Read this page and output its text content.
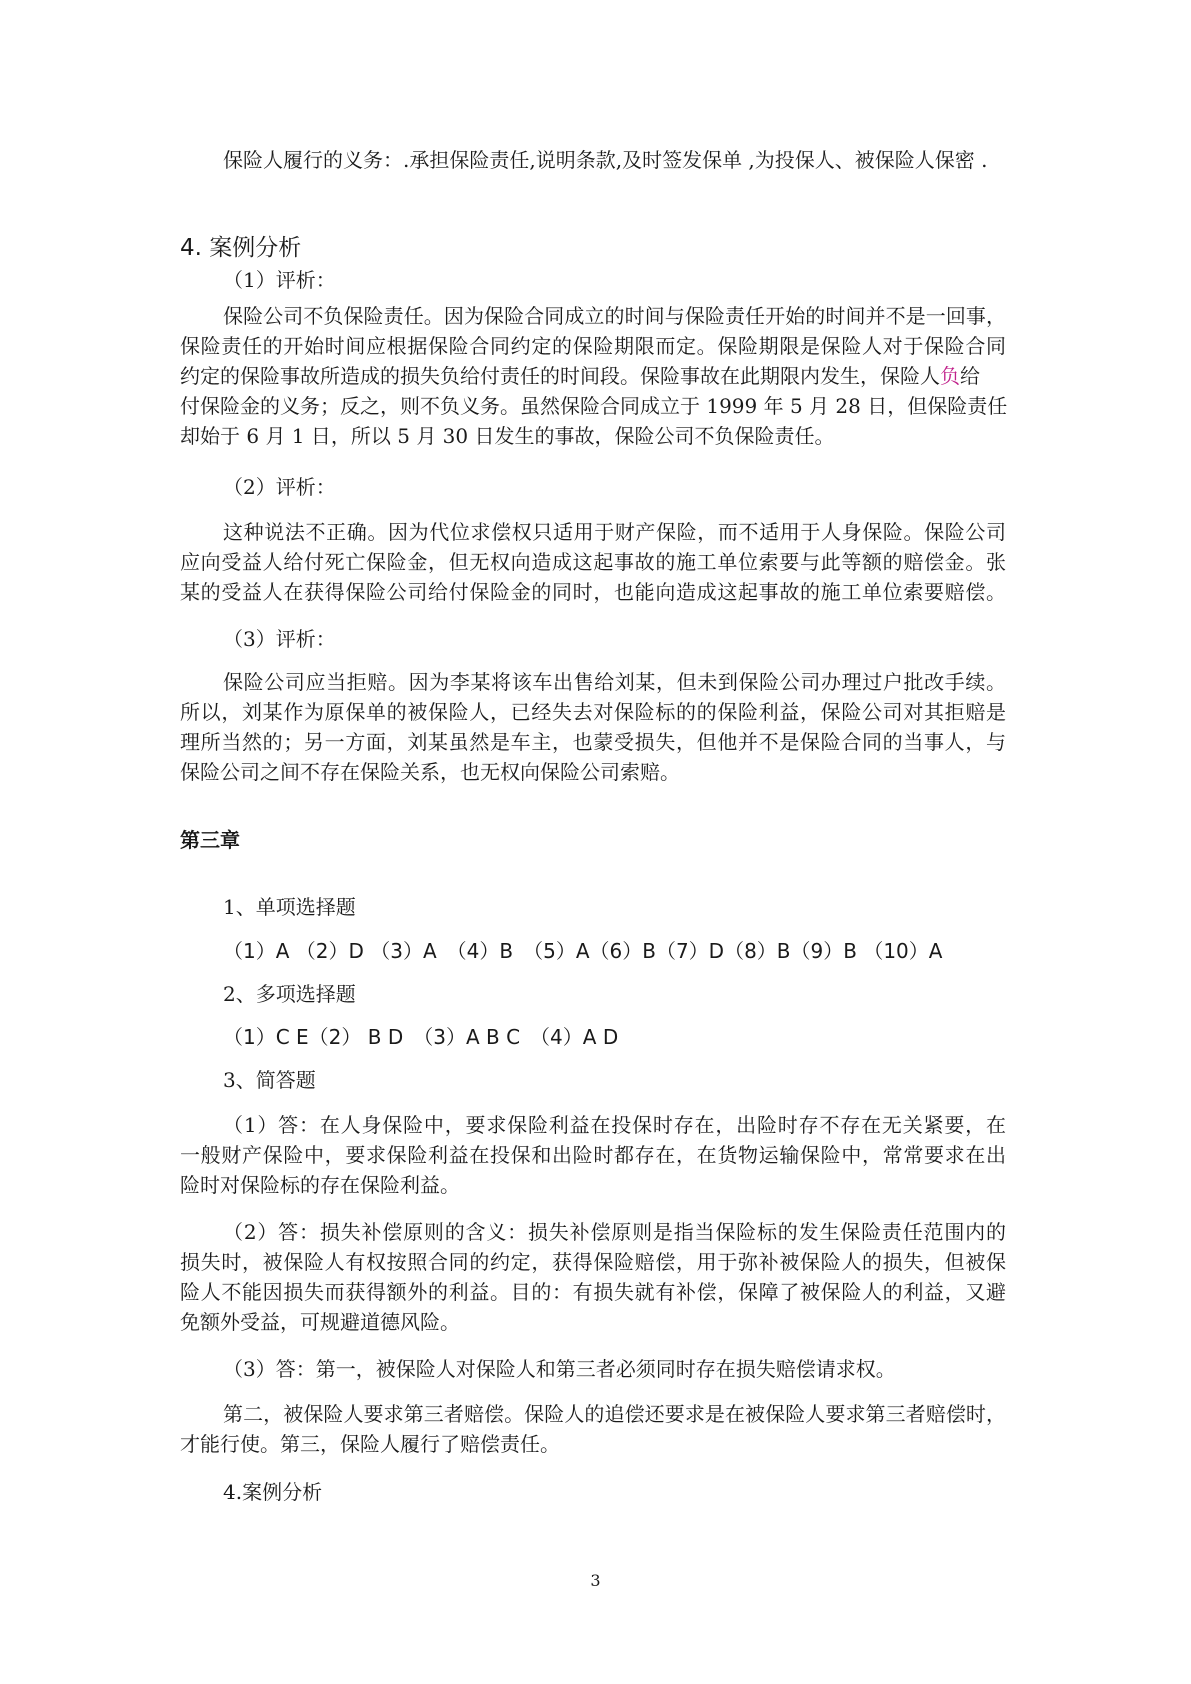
保险人履行的义务：.承担保险责任,说明条款,及时签发保单 ,为投保人、被保险人保密 .
4. 案例分析
（1）评析：
保险公司不负保险责任。因为保险合同成立的时间与保险责任开始的时间并不是一回事，
保险责任的开始时间应根据保险合同约定的保险期限而定。保险期限是保险人对于保险合同
约定的保险事故所造成的损失负给付责任的时间段。保险事故在此期限内发生，保险人负给
付保险金的义务；反之，则不负义务。虽然保险合同成立于 1999 年 5 月 28 日，但保险责任
却始于 6 月 1 日，所以 5 月 30 日发生的事故，保险公司不负保险责任。
（2）评析：
这种说法不正确。因为代位求偿权只适用于财产保险，而不适用于人身保险。保险公司
应向受益人给付死亡保险金，但无权向造成这起事故的施工单位索要与此等额的赔偿金。张
某的受益人在获得保险公司给付保险金的同时，也能向造成这起事故的施工单位索要赔偿。
（3）评析：
保险公司应当拒赔。因为李某将该车出售给刘某，但未到保险公司办理过户批改手续。
所以，刘某作为原保单的被保险人，已经失去对保险标的的保险利益，保险公司对其拒赔是
理所当然的；另一方面，刘某虽然是车主，也蒙受损失，但他并不是保险合同的当事人，与
保险公司之间不存在保险关系，也无权向保险公司索赔。
第三章
1、单项选择题
（1）A （2）D （3）A　（4）B　（5）A（6）B（7）D（8）B（9）B （10）A
2、多项选择题
（1）C E（2） B D　（3）A B C　（4）A D
3、简答题
（1）答：在人身保险中，要求保险利益在投保时存在，出险时存不存在无关紧要，在
一般财产保险中，要求保险利益在投保和出险时都存在，在货物运输保险中，常常要求在出
险时对保险标的存在保险利益。
（2）答：损失补偿原则的含义：损失补偿原则是指当保险标的发生保险责任范围内的
损失时，被保险人有权按照合同的约定，获得保险赔偿，用于弥补被保险人的损失，但被保
险人不能因损失而获得额外的利益。目的：有损失就有补偿，保障了被保险人的利益，又避
免额外受益，可规避道德风险。
（3）答：第一，被保险人对保险人和第三者必须同时存在损失赔偿请求权。
第二，被保险人要求第三者赔偿。保险人的追偿还要求是在被保险人要求第三者赔偿时，
才能行使。第三，保险人履行了赔偿责任。
4.案例分析
3
